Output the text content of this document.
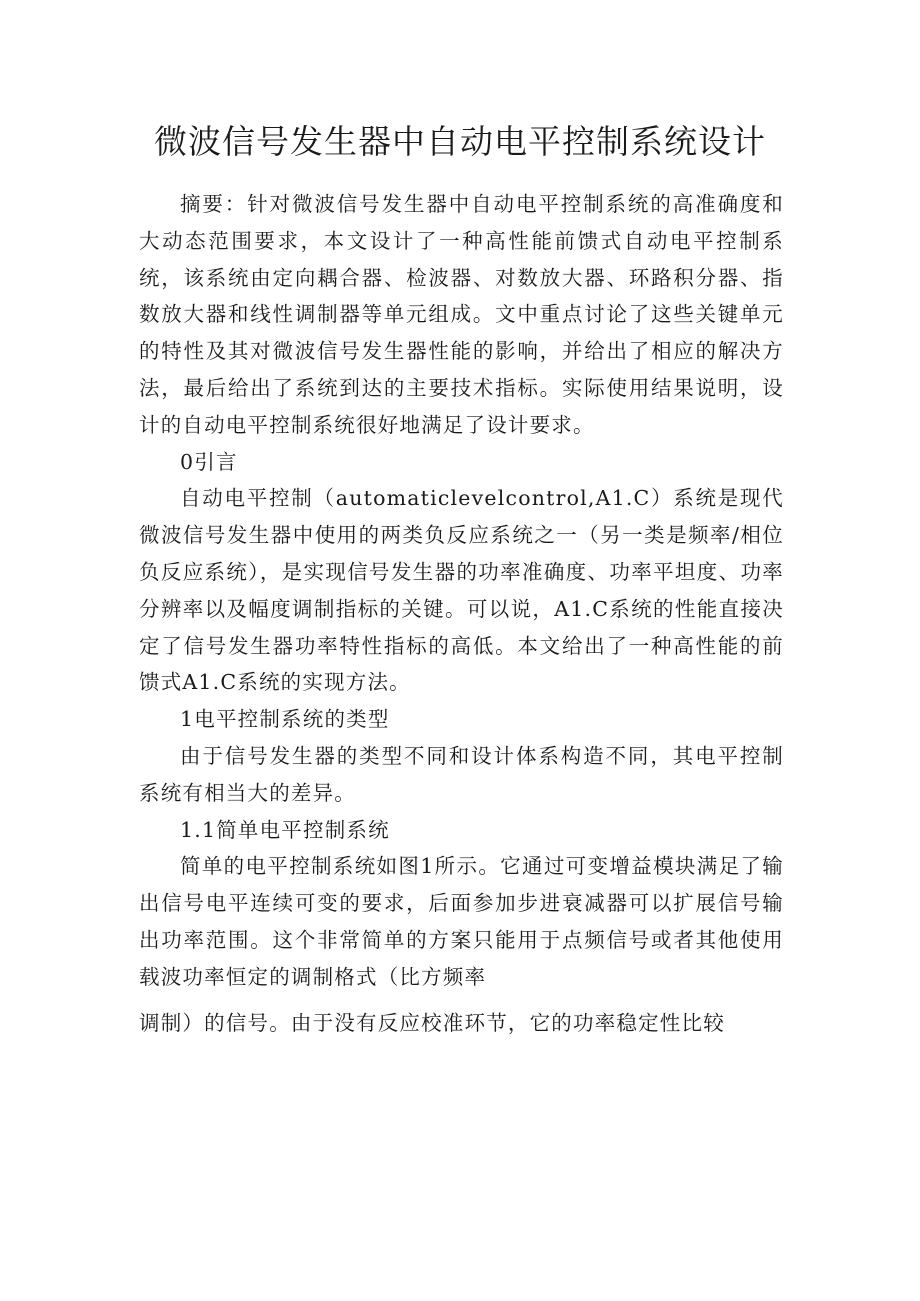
微波信号发生器中自动电平控制系统设计

摘要：针对微波信号发生器中自动电平控制系统的高准确度和大动态范围要求，本文设计了一种高性能前馈式自动电平控制系统，该系统由定向耦合器、检波器、对数放大器、环路积分器、指数放大器和线性调制器等单元组成。文中重点讨论了这些关键单元的特性及其对微波信号发生器性能的影响，并给出了相应的解决方法，最后给出了系统到达的主要技术指标。实际使用结果说明，设计的自动电平控制系统很好地满足了设计要求。

0引言

自动电平控制（automaticlevelcontrol,A1.C）系统是现代微波信号发生器中使用的两类负反应系统之一（另一类是频率/相位负反应系统），是实现信号发生器的功率准确度、功率平坦度、功率分辨率以及幅度调制指标的关键。可以说，A1.C系统的性能直接决定了信号发生器功率特性指标的高低。本文给出了一种高性能的前馈式A1.C系统的实现方法。

1电平控制系统的类型

由于信号发生器的类型不同和设计体系构造不同，其电平控制系统有相当大的差异。

1.1简单电平控制系统

简单的电平控制系统如图1所示。它通过可变增益模块满足了输出信号电平连续可变的要求，后面参加步进衰减器可以扩展信号输出功率范围。这个非常简单的方案只能用于点频信号或者其他使用载波功率恒定的调制格式（比方频率

调制）的信号。由于没有反应校准环节，它的功率稳定性比较
